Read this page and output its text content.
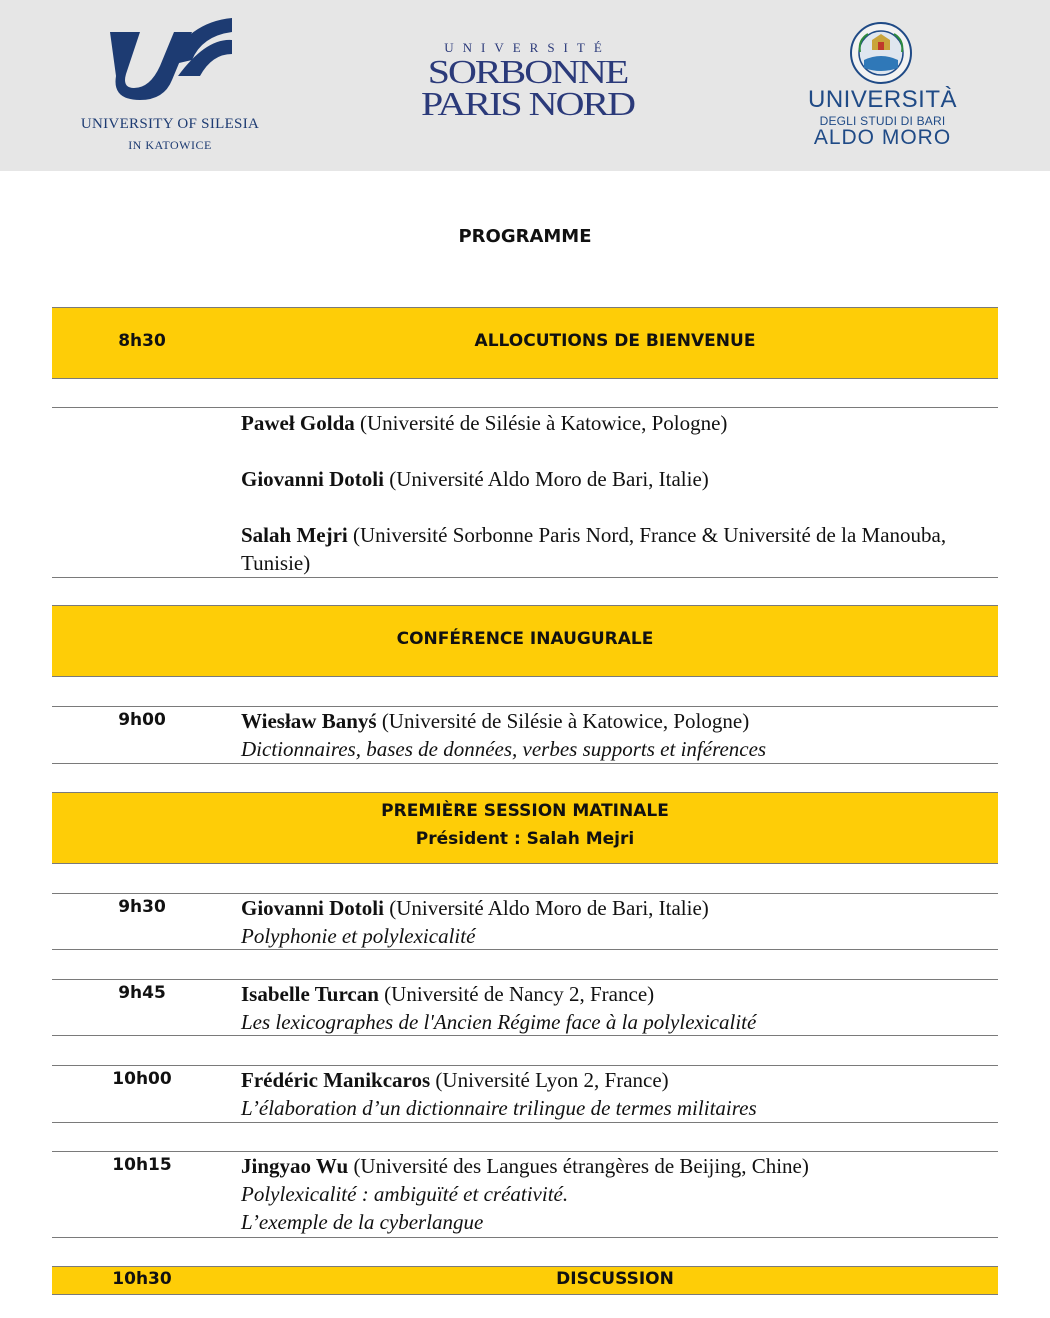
UNIVERSITY OF SILESIA
IN KATOWICE
UNIVERSITÉ
SORBONNE
PARIS NORD	UNIVERSITÀ
DEGLI STUDI DI BARI
ALDO MORO
PROGRAMME
8h30	ALLOCUTIONS DE BIENVENUE
Paweł Golda (Université de Silésie à Katowice, Pologne)
Giovanni Dotoli (Université Aldo Moro de Bari, Italie)
Salah Mejri (Université Sorbonne Paris Nord, France & Université de la Manouba, Tunisie)
CONFÉRENCE INAUGURALE
9h00	Wiesław Banyś (Université de Silésie à Katowice, Pologne)
Dictionnaires, bases de données, verbes supports et inférences
PREMIÈRE SESSION MATINALE
Président : Salah Mejri
9h30	Giovanni Dotoli (Université Aldo Moro de Bari, Italie)
Polyphonie et polylexicalité
9h45	Isabelle Turcan (Université de Nancy 2, France)
Les lexicographes de l'Ancien Régime face à la polylexicalité
10h00	Frédéric Manikcaros (Université Lyon 2, France)
L’élaboration d’un dictionnaire trilingue de termes militaires
10h15	Jingyao Wu (Université des Langues étrangères de Beijing, Chine)
Polylexicalité : ambiguïté et créativité.
L’exemple de la cyberlangue
10h30	DISCUSSION
